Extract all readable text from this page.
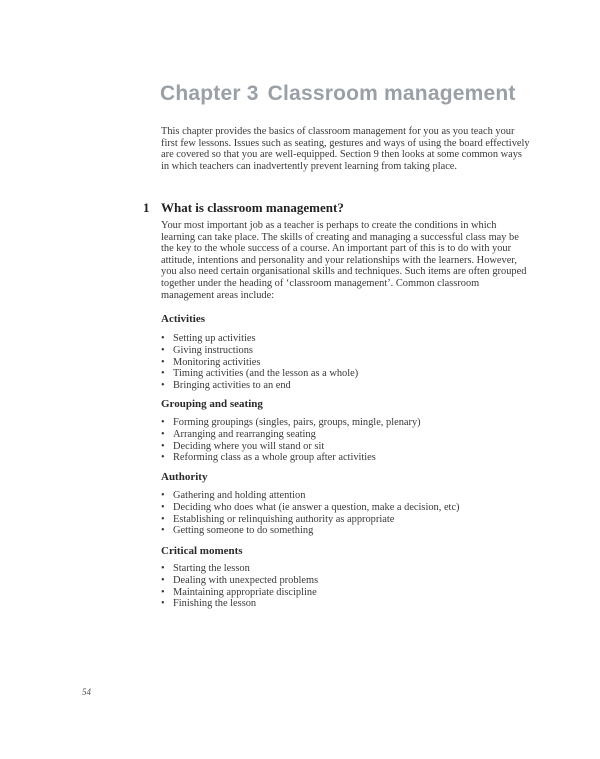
Chapter 3 Classroom management

This chapter provides the basics of classroom management for you as you teach your first few lessons. Issues such as seating, gestures and ways of using the board effectively are covered so that you are well-equipped. Section 9 then looks at some common ways in which teachers can inadvertently prevent learning from taking place.

1 What is classroom management?

Your most important job as a teacher is perhaps to create the conditions in which learning can take place. The skills of creating and managing a successful class may be the key to the whole success of a course. An important part of this is to do with your attitude, intentions and personality and your relationships with the learners. However, you also need certain organisational skills and techniques. Such items are often grouped together under the heading of ‘classroom management’. Common classroom management areas include:

Activities
• Setting up activities
• Giving instructions
• Monitoring activities
• Timing activities (and the lesson as a whole)
• Bringing activities to an end
Grouping and seating
• Forming groupings (singles, pairs, groups, mingle, plenary)
• Arranging and rearranging seating
• Deciding where you will stand or sit
• Reforming class as a whole group after activities
Authority
• Gathering and holding attention
• Deciding who does what (ie answer a question, make a decision, etc)
• Establishing or relinquishing authority as appropriate
• Getting someone to do something
Critical moments
• Starting the lesson
• Dealing with unexpected problems
• Maintaining appropriate discipline
• Finishing the lesson
54
